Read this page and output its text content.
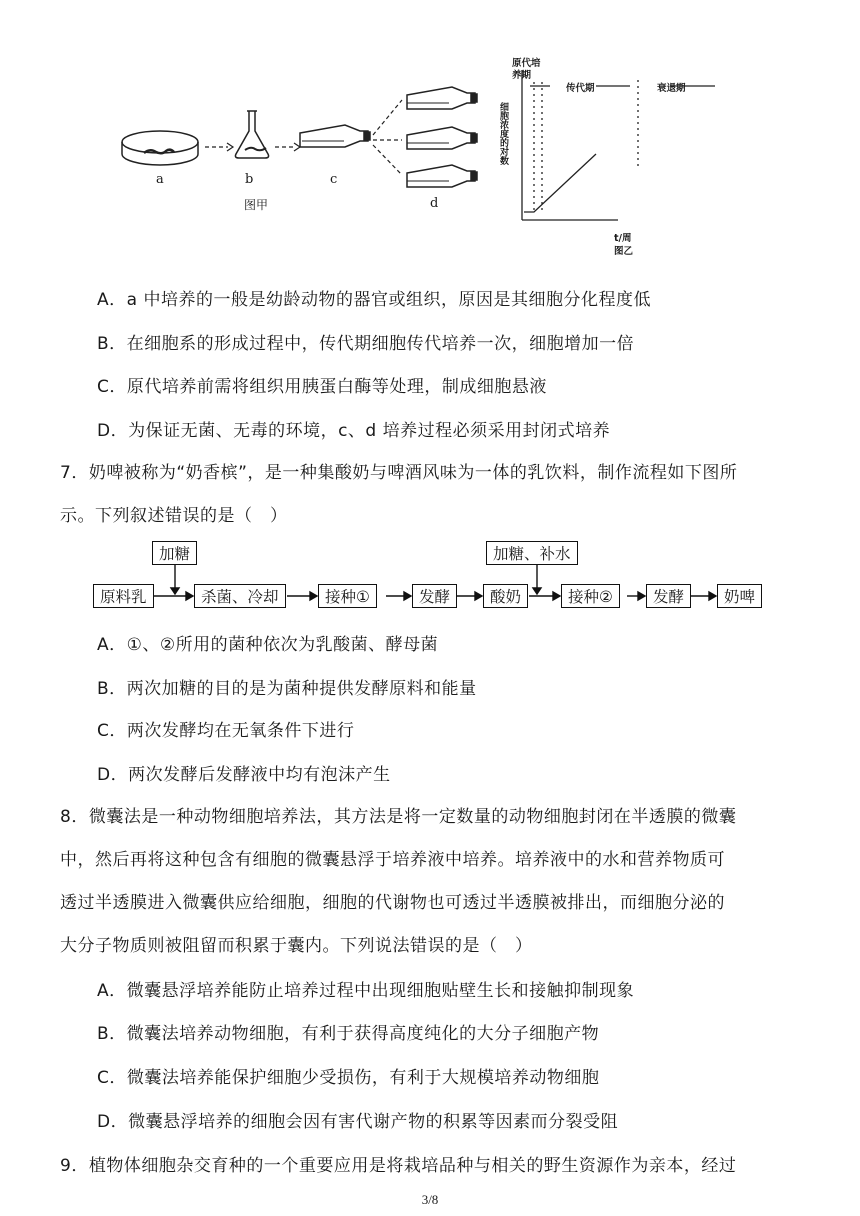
a	b	c
d
图甲
原代培养期
传代期	衰退期
细胞浓度的对数
t/周
图乙
A．a 中培养的一般是幼龄动物的器官或组织，原因是其细胞分化程度低
B．在细胞系的形成过程中，传代期细胞传代培养一次，细胞增加一倍
C．原代培养前需将组织用胰蛋白酶等处理，制成细胞悬液
D．为保证无菌、无毒的环境，c、d 培养过程必须采用封闭式培养
7．奶啤被称为“奶香槟”，是一种集酸奶与啤酒风味为一体的乳饮料，制作流程如下图所
示。下列叙述错误的是（　）
加糖	加糖、补水
原料乳	杀菌、冷却	接种①	发酵	酸奶	接种②	发酵	奶啤
A．①、②所用的菌种依次为乳酸菌、酵母菌
B．两次加糖的目的是为菌种提供发酵原料和能量
C．两次发酵均在无氧条件下进行
D．两次发酵后发酵液中均有泡沫产生
8．微囊法是一种动物细胞培养法，其方法是将一定数量的动物细胞封闭在半透膜的微囊
中，然后再将这种包含有细胞的微囊悬浮于培养液中培养。培养液中的水和营养物质可
透过半透膜进入微囊供应给细胞，细胞的代谢物也可透过半透膜被排出，而细胞分泌的
大分子物质则被阻留而积累于囊内。下列说法错误的是（　）
A．微囊悬浮培养能防止培养过程中出现细胞贴壁生长和接触抑制现象
B．微囊法培养动物细胞，有利于获得高度纯化的大分子细胞产物
C．微囊法培养能保护细胞少受损伤，有利于大规模培养动物细胞
D．微囊悬浮培养的细胞会因有害代谢产物的积累等因素而分裂受阻
9．植物体细胞杂交育种的一个重要应用是将栽培品种与相关的野生资源作为亲本，经过
3/8
